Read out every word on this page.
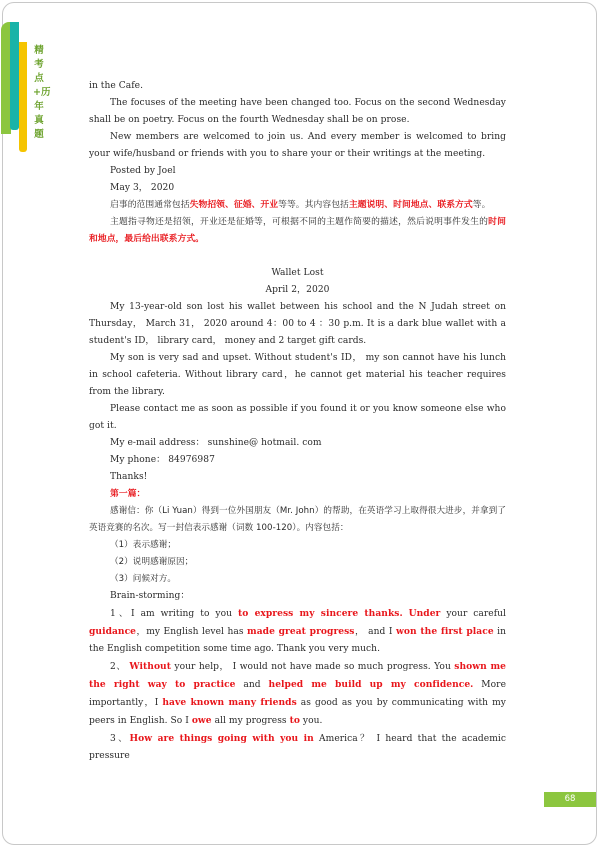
精考点+历年真题

in the Cafe.

The focuses of the meeting have been changed too. Focus on the second Wednesday shall be on poetry. Focus on the fourth Wednesday shall be on prose.

New members are welcomed to join us. And every member is welcomed to bring your wife/husband or friends with you to share your or their writings at the meeting.

Posted by Joel

May 3， 2020

启事的范围通常包括失物招领、征婚、开业等等。其内容包括主题说明、时间地点、联系方式等。

主题指寻物还是招领，开业还是征婚等，可根据不同的主题作简要的描述，然后说明事件发生的时间和地点，最后给出联系方式。

Wallet Lost

April 2，2020

My 13-year-old son lost his wallet between his school and the N Judah street on Thursday， March 31， 2020 around 4：00 to 4 ：30 p.m. It is a dark blue wallet with a student's ID， library card， money and 2 target gift cards.

My son is very sad and upset. Without student's ID， my son cannot have his lunch in school cafeteria. Without library card，he cannot get material his teacher requires from the library.

Please contact me as soon as possible if you found it or you know someone else who got it.

My e-mail address： sunshine@ hotmail. com

My phone： 84976987

Thanks!

第一篇：

感谢信：你（Li Yuan）得到一位外国朋友（Mr. John）的帮助，在英语学习上取得很大进步，并拿到了英语竞赛的名次。写一封信表示感谢（词数 100-120）。内容包括：

（1）表示感谢；

（2）说明感谢原因；

（3）问候对方。

Brain-storming：

1、I am writing to you to express my sincere thanks. Under your careful guidance，my English level has made great progress， and I won the first place in the English competition some time ago. Thank you very much.

2、 Without your help， I would not have made so much progress. You shown me the right way to practice and helped me build up my confidence. More importantly，I have known many friends as good as you by communicating with my peers in English. So I owe all my progress to you.

3、How are things going with you in America？ I heard that the academic pressure

68
